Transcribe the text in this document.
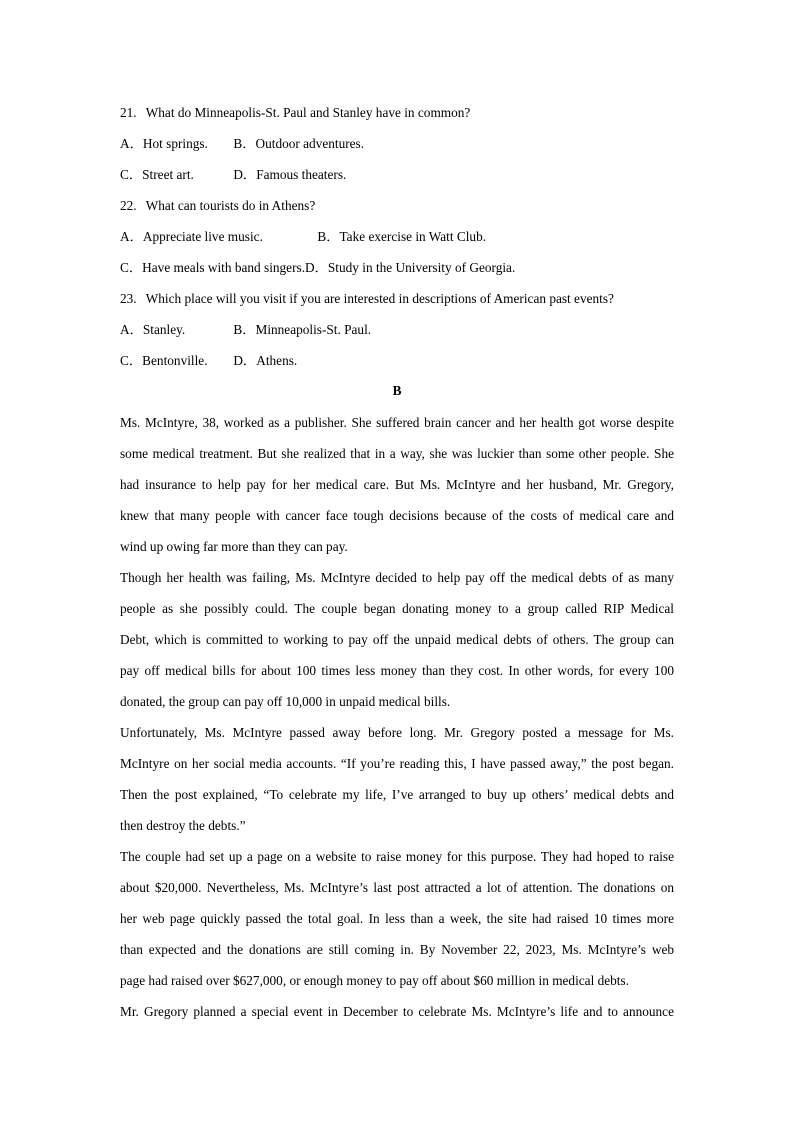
21. What do Minneapolis-St. Paul and Stanley have in common?
A．Hot springs. B．Outdoor adventures.
C．Street art.	D．Famous theaters.
22. What can tourists do in Athens?
A．Appreciate live music.	B．Take exercise in Watt Club.
C．Have meals with band singers.D．Study in the University of Georgia.
23. Which place will you visit if you are interested in descriptions of American past events?
A．Stanley.	B．Minneapolis-St. Paul.
C．Bentonville. D．Athens.
B

Ms. McIntyre, 38, worked as a publisher. She suffered brain cancer and her health got worse despite
some medical treatment. But she realized that in a way, she was luckier than some other people. She
had insurance to help pay for her medical care. But Ms. McIntyre and her husband, Mr. Gregory,
knew that many people with cancer face tough decisions because of the costs of medical care and
wind up owing far more than they can pay.

Though her health was failing, Ms. McIntyre decided to help pay off the medical debts of as many
people as she possibly could. The couple began donating money to a group called RIP Medical
Debt, which is committed to working to pay off the unpaid medical debts of others. The group can
pay off medical bills for about 100 times less money than they cost. In other words, for every 100
donated, the group can pay off 10,000 in unpaid medical bills.

Unfortunately, Ms. McIntyre passed away before long. Mr. Gregory posted a message for Ms.
McIntyre on her social media accounts. “If you’re reading this, I have passed away,” the post began.
Then the post explained, “To celebrate my life, I’ve arranged to buy up others’ medical debts and
then destroy the debts.”

The couple had set up a page on a website to raise money for this purpose. They had hoped to raise
about $20,000. Nevertheless, Ms. McIntyre’s last post attracted a lot of attention. The donations on
her web page quickly passed the total goal. In less than a week, the site had raised 10 times more
than expected and the donations are still coming in. By November 22, 2023, Ms. McIntyre’s web
page had raised over $627,000, or enough money to pay off about $60 million in medical debts.

Mr. Gregory planned a special event in December to celebrate Ms. McIntyre’s life and to announce
